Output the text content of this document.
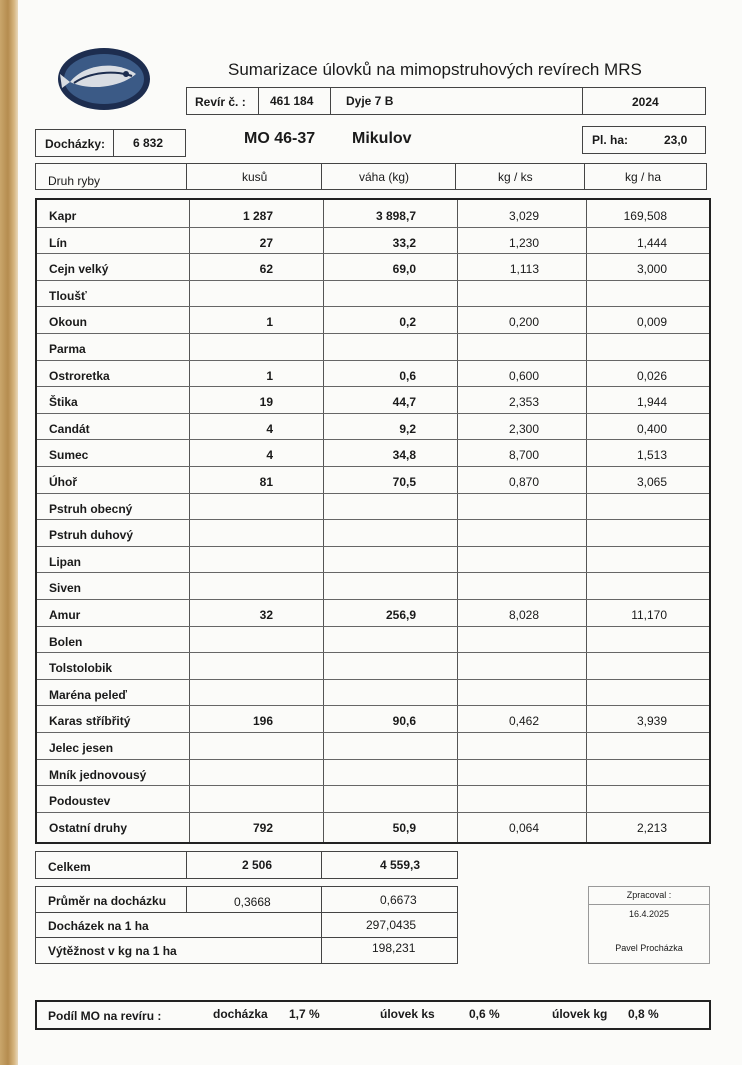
Sumarizace úlovků na mimopstruhových revírech MRS
Revír č. : 461 184	Dyje 7 B	2024
Docházky: 6 832	MO 46-37 Mikulov	Pl. ha:	23,0
Druh ryby	kusů	váha (kg)	kg / ks	kg / ha
Kapr	1 287	3 898,7	3,029	169,508
Lín	27	33,2	1,230	1,444
Cejn velký	62	69,0	1,113	3,000
Tloušť
Okoun	1	0,2	0,200	0,009
Parma
Ostroretka	1	0,6	0,600	0,026
Štika	19	44,7	2,353	1,944
Candát	4	9,2	2,300	0,400
Sumec	4	34,8	8,700	1,513
Úhoř	81	70,5	0,870	3,065
Pstruh obecný
Pstruh duhový
Lipan
Siven
Amur	32	256,9	8,028	11,170
Bolen
Tolstolobik
Maréna peleď
Karas stříbřitý	196	90,6	0,462	3,939
Jelec jesen
Mník jednovousý
Podoustev
Ostatní druhy	792	50,9	0,064	2,213
Celkem	2 506	4 559,3
Průměr na docházku	0,3668	0,6673
Docházek na 1 ha	297,0435
Výtěžnost v kg na 1 ha	198,231
Zpracoval :
16.4.2025
Pavel Procházka
Podíl MO na revíru :	docházka 1,7 %	úlovek ks	0,6 %	úlovek kg 0,8 %
